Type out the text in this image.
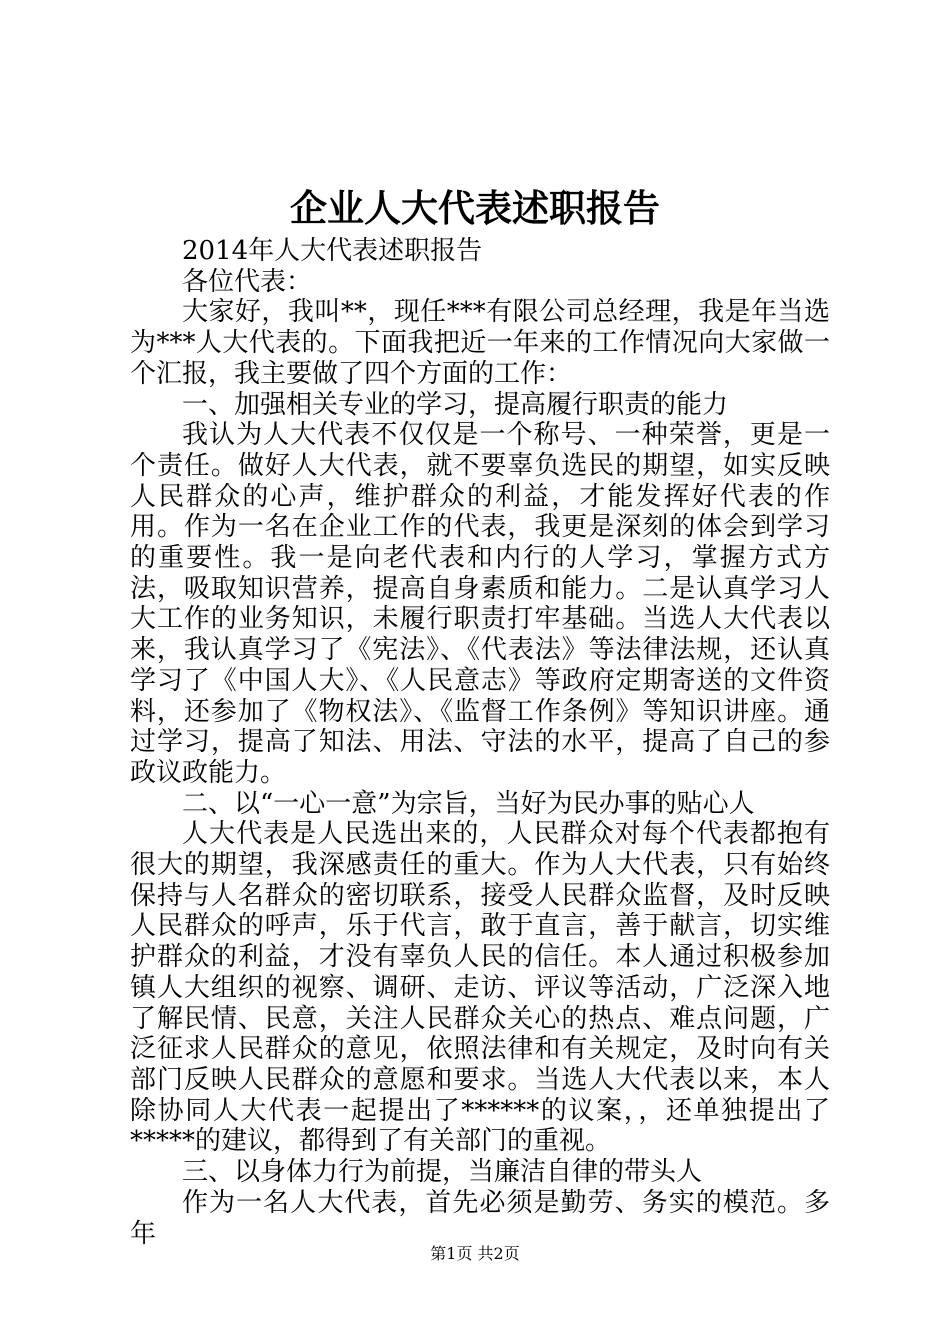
企业人大代表述职报告

2014年人大代表述职报告

各位代表：

大家好，我叫**，现任***有限公司总经理，我是年当选为***人大代表的。下面我把近一年来的工作情况向大家做一个汇报，我主要做了四个方面的工作：

一、加强相关专业的学习，提高履行职责的能力

我认为人大代表不仅仅是一个称号、一种荣誉，更是一个责任。做好人大代表，就不要辜负选民的期望，如实反映人民群众的心声，维护群众的利益，才能发挥好代表的作用。作为一名在企业工作的代表，我更是深刻的体会到学习的重要性。我一是向老代表和内行的人学习，掌握方式方法，吸取知识营养，提高自身素质和能力。二是认真学习人大工作的业务知识，未履行职责打牢基础。当选人大代表以来，我认真学习了《宪法》、《代表法》等法律法规，还认真学习了《中国人大》、《人民意志》等政府定期寄送的文件资料，还参加了《物权法》、《监督工作条例》等知识讲座。通过学习，提高了知法、用法、守法的水平，提高了自己的参政议政能力。

二、以“一心一意”为宗旨，当好为民办事的贴心人

人大代表是人民选出来的，人民群众对每个代表都抱有很大的期望，我深感责任的重大。作为人大代表，只有始终保持与人名群众的密切联系，接受人民群众监督，及时反映人民群众的呼声，乐于代言，敢于直言，善于献言，切实维护群众的利益，才没有辜负人民的信任。本人通过积极参加镇人大组织的视察、调研、走访、评议等活动，广泛深入地了解民情、民意，关注人民群众关心的热点、难点问题，广泛征求人民群众的意见，依照法律和有关规定，及时向有关部门反映人民群众的意愿和要求。当选人大代表以来，本人除协同人大代表一起提出了******的议案，，还单独提出了*****的建议，都得到了有关部门的重视。

三、以身体力行为前提，当廉洁自律的带头人

作为一名人大代表，首先必须是勤劳、务实的模范。多年

第1页 共2页
